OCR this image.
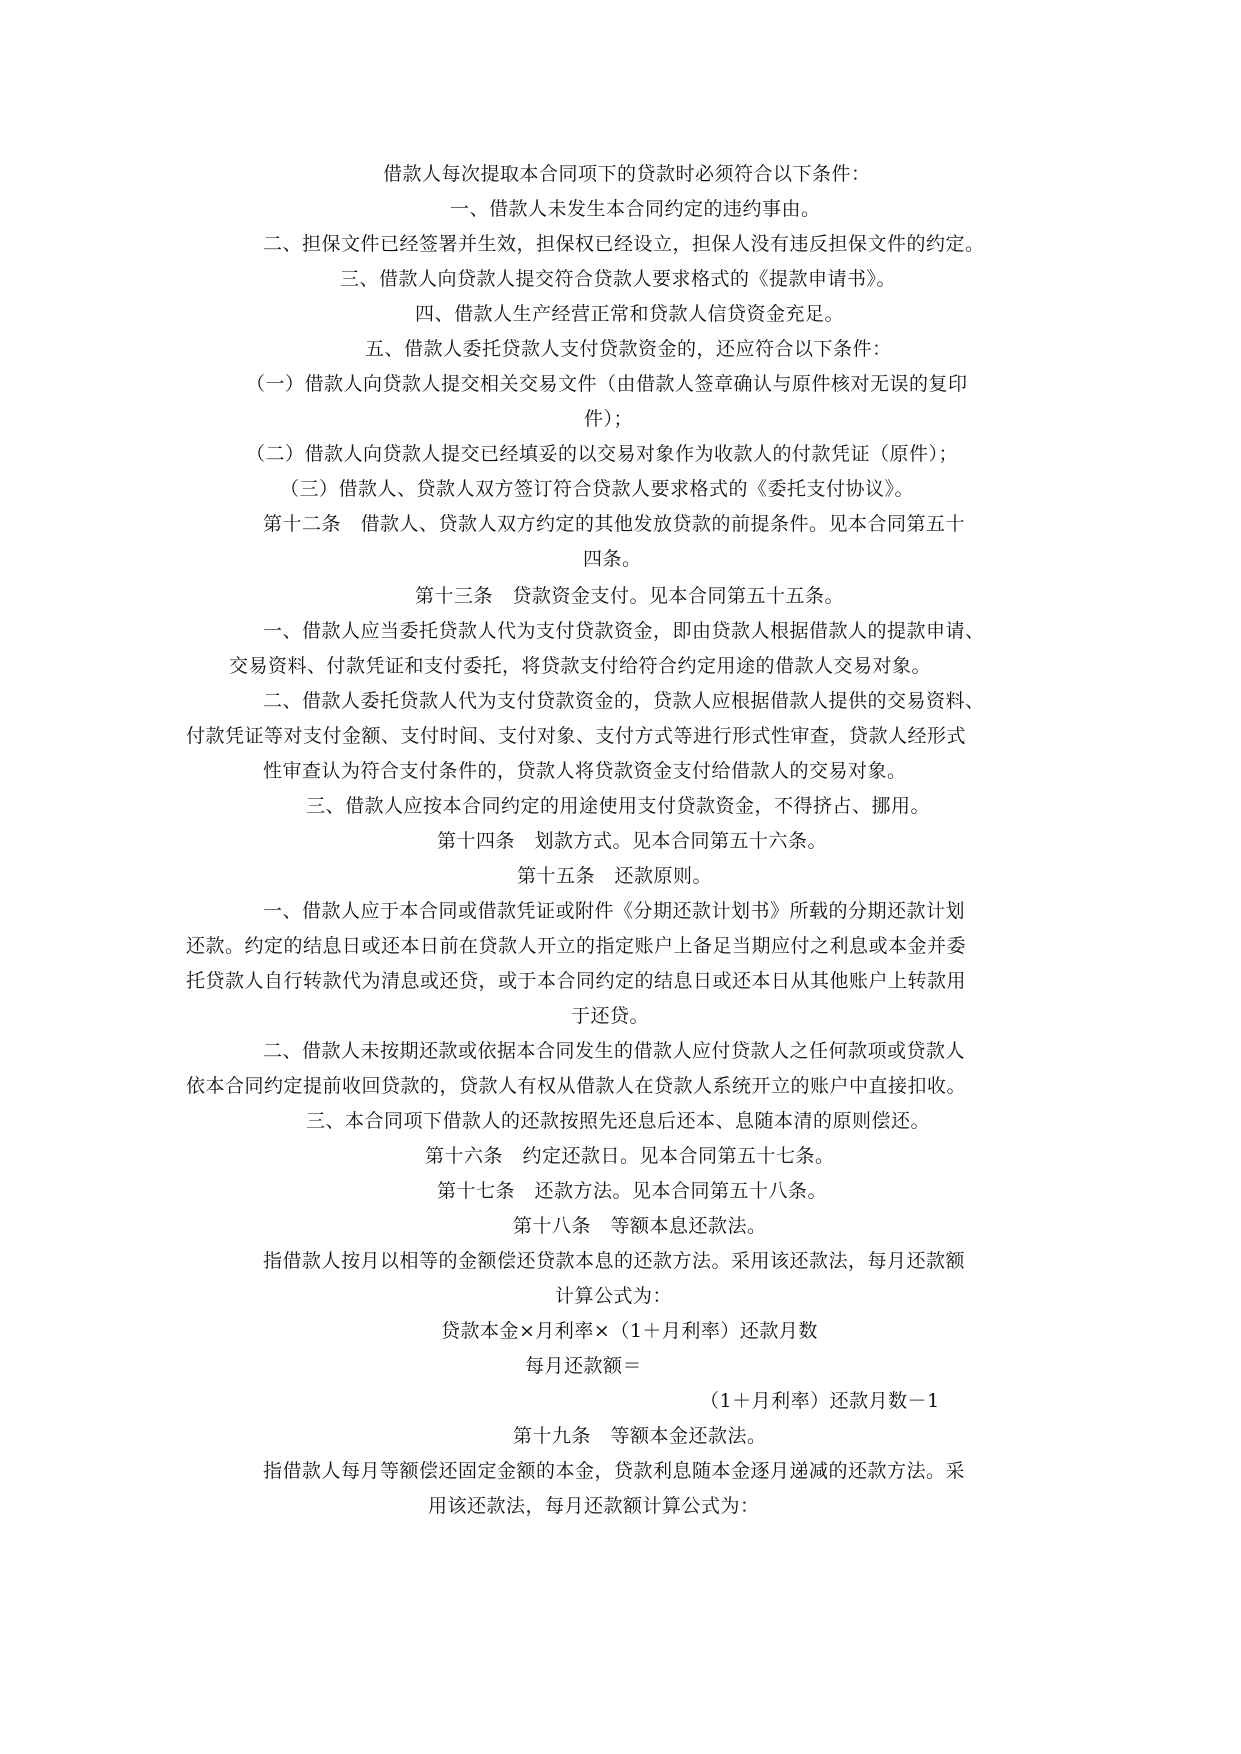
借款人每次提取本合同项下的贷款时必须符合以下条件：
一、借款人未发生本合同约定的违约事由。
二、担保文件已经签署并生效，担保权已经设立，担保人没有违反担保文件的约定。
三、借款人向贷款人提交符合贷款人要求格式的《提款申请书》。
四、借款人生产经营正常和贷款人信贷资金充足。
五、借款人委托贷款人支付贷款资金的，还应符合以下条件：
（一）借款人向贷款人提交相关交易文件（由借款人签章确认与原件核对无误的复印
件）；
（二）借款人向贷款人提交已经填妥的以交易对象作为收款人的付款凭证（原件）；
（三）借款人、贷款人双方签订符合贷款人要求格式的《委托支付协议》。
第十二条　借款人、贷款人双方约定的其他发放贷款的前提条件。见本合同第五十
四条。
第十三条　贷款资金支付。见本合同第五十五条。
一、借款人应当委托贷款人代为支付贷款资金，即由贷款人根据借款人的提款申请、
交易资料、付款凭证和支付委托，将贷款支付给符合约定用途的借款人交易对象。
二、借款人委托贷款人代为支付贷款资金的，贷款人应根据借款人提供的交易资料、
付款凭证等对支付金额、支付时间、支付对象、支付方式等进行形式性审查，贷款人经形式
性审查认为符合支付条件的，贷款人将贷款资金支付给借款人的交易对象。
三、借款人应按本合同约定的用途使用支付贷款资金，不得挤占、挪用。
第十四条　划款方式。见本合同第五十六条。
第十五条　还款原则。
一、借款人应于本合同或借款凭证或附件《分期还款计划书》所载的分期还款计划
还款。约定的结息日或还本日前在贷款人开立的指定账户上备足当期应付之利息或本金并委
托贷款人自行转款代为清息或还贷，或于本合同约定的结息日或还本日从其他账户上转款用
于还贷。
二、借款人未按期还款或依据本合同发生的借款人应付贷款人之任何款项或贷款人
依本合同约定提前收回贷款的，贷款人有权从借款人在贷款人系统开立的账户中直接扣收。
三、本合同项下借款人的还款按照先还息后还本、息随本清的原则偿还。
第十六条　约定还款日。见本合同第五十七条。
第十七条　还款方法。见本合同第五十八条。
第十八条　等额本息还款法。
指借款人按月以相等的金额偿还贷款本息的还款方法。采用该还款法，每月还款额
计算公式为：
贷款本金×月利率×（1＋月利率）还款月数
每月还款额＝
（1＋月利率）还款月数－1
第十九条　等额本金还款法。
指借款人每月等额偿还固定金额的本金，贷款利息随本金逐月递减的还款方法。采
用该还款法，每月还款额计算公式为：
